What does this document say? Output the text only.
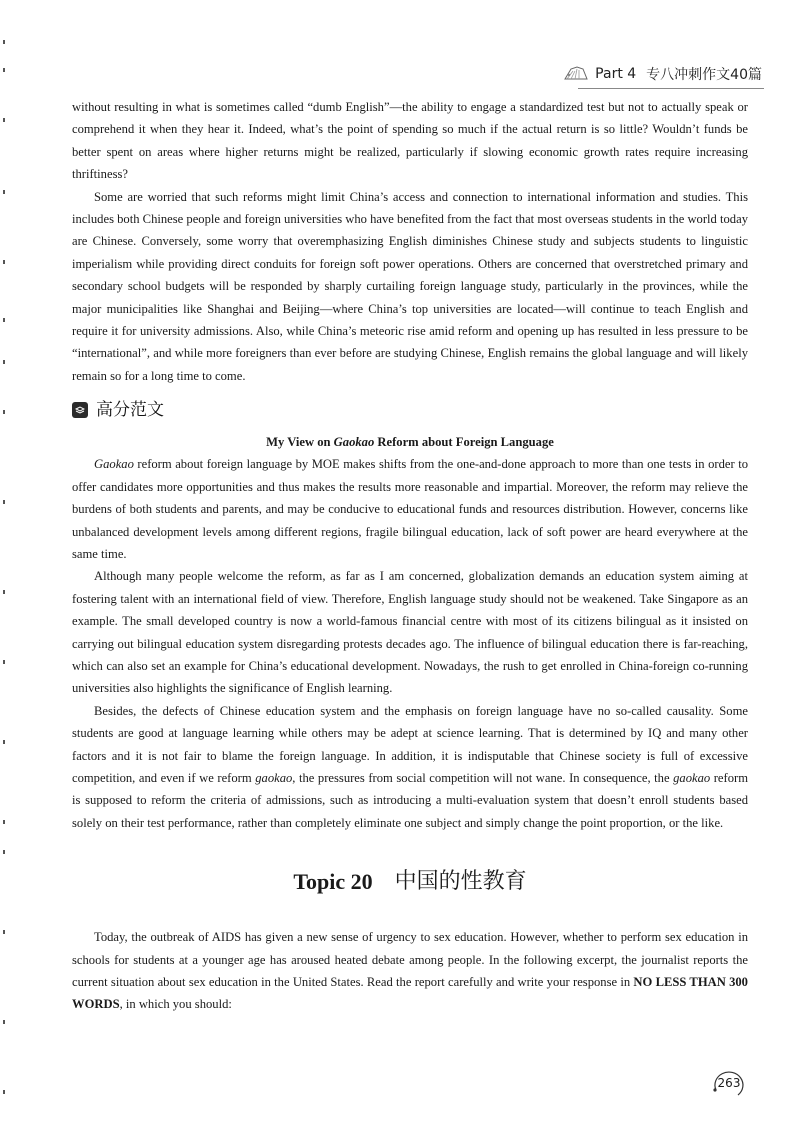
Part 4 专八冲刺作文40篇

without resulting in what is sometimes called “dumb English”—the ability to engage a standardized test but not to actually speak or comprehend it when they hear it. Indeed, what’s the point of spending so much if the actual return is so little? Wouldn’t funds be better spent on areas where higher returns might be realized, particularly if slowing economic growth rates require increasing thriftiness?

Some are worried that such reforms might limit China’s access and connection to international information and studies. This includes both Chinese people and foreign universities who have benefited from the fact that most overseas students in the world today are Chinese. Conversely, some worry that overemphasizing English diminishes Chinese study and subjects students to linguistic imperialism while providing direct conduits for foreign soft power operations. Others are concerned that overstretched primary and secondary school budgets will be responded by sharply curtailing foreign language study, particularly in the provinces, while the major municipalities like Shanghai and Beijing—where China’s top universities are located—will continue to teach English and require it for university admissions. Also, while China’s meteoric rise amid reform and opening up has resulted in less pressure to be “international”, and while more foreigners than ever before are studying Chinese, English remains the global language and will likely remain so for a long time to come.

高分范文
My View on Gaokao Reform about Foreign Language

Gaokao reform about foreign language by MOE makes shifts from the one-and-done approach to more than one tests in order to offer candidates more opportunities and thus makes the results more reasonable and impartial. Moreover, the reform may relieve the burdens of both students and parents, and may be conducive to educational funds and resources distribution. However, concerns like unbalanced development levels among different regions, fragile bilingual education, lack of soft power are heard everywhere at the same time.

Although many people welcome the reform, as far as I am concerned, globalization demands an education system aiming at fostering talent with an international field of view. Therefore, English language study should not be weakened. Take Singapore as an example. The small developed country is now a world-famous financial centre with most of its citizens bilingual as it insisted on carrying out bilingual education system disregarding protests decades ago. The influence of bilingual education there is far-reaching, which can also set an example for China’s educational development. Nowadays, the rush to get enrolled in China-foreign co-running universities also highlights the significance of English learning.

Besides, the defects of Chinese education system and the emphasis on foreign language have no so-called causality. Some students are good at language learning while others may be adept at science learning. That is determined by IQ and many other factors and it is not fair to blame the foreign language. In addition, it is indisputable that Chinese society is full of excessive competition, and even if we reform gaokao, the pressures from social competition will not wane. In consequence, the gaokao reform is supposed to reform the criteria of admissions, such as introducing a multi-evaluation system that doesn’t enroll students based solely on their test performance, rather than completely eliminate one subject and simply change the point proportion, or the like.

Topic 20 中国的性教育

Today, the outbreak of AIDS has given a new sense of urgency to sex education. However, whether to perform sex education in schools for students at a younger age has aroused heated debate among people. In the following excerpt, the journalist reports the current situation about sex education in the United States. Read the report carefully and write your response in NO LESS THAN 300 WORDS, in which you should:

263
